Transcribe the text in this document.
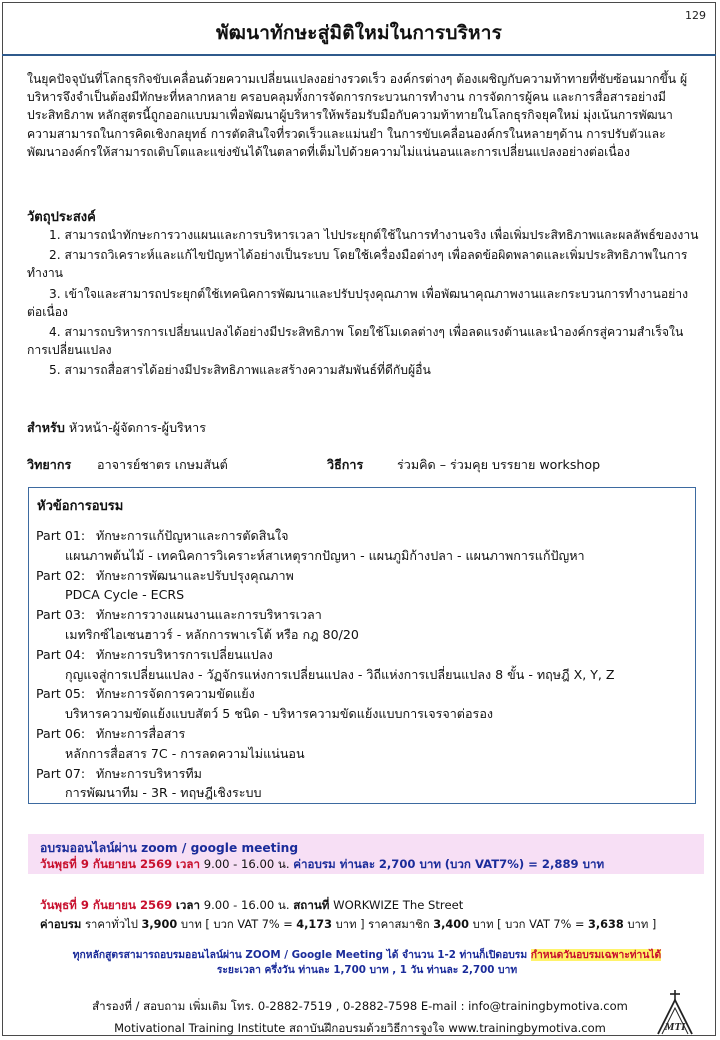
พัฒนาทักษะสู่มิติใหม่ในการบริหาร
129
ในยุคปัจจุบันที่โลกธุรกิจขับเคลื่อนด้วยความเปลี่ยนแปลงอย่างรวดเร็ว องค์กรต่างๆ ต้องเผชิญกับความท้าทายที่ซับซ้อนมากขึ้น ผู้บริหารจึงจำเป็นต้องมีทักษะที่หลากหลาย ครอบคลุมทั้งการจัดการกระบวนการทำงาน การจัดการผู้คน และการสื่อสารอย่างมีประสิทธิภาพ หลักสูตรนี้ถูกออกแบบมาเพื่อพัฒนาผู้บริหารให้พร้อมรับมือกับความท้าทายในโลกธุรกิจยุคใหม่ มุ่งเน้นการพัฒนาความสามารถในการคิดเชิงกลยุทธ์ การตัดสินใจที่รวดเร็วและแม่นยำ ในการขับเคลื่อนองค์กรในหลายๆด้าน การปรับตัวและพัฒนาองค์กรให้สามารถเติบโตและแข่งขันได้ในตลาดที่เต็มไปด้วยความไม่แน่นอนและการเปลี่ยนแปลงอย่างต่อเนื่อง
วัตถุประสงค์
1. สามารถนำทักษะการวางแผนและการบริหารเวลา ไปประยุกต์ใช้ในการทำงานจริง เพื่อเพิ่มประสิทธิภาพและผลลัพธ์ของงาน
2. สามารถวิเคราะห์และแก้ไขปัญหาได้อย่างเป็นระบบ โดยใช้เครื่องมือต่างๆ เพื่อลดข้อผิดพลาดและเพิ่มประสิทธิภาพในการทำงาน
3. เข้าใจและสามารถประยุกต์ใช้เทคนิคการพัฒนาและปรับปรุงคุณภาพ เพื่อพัฒนาคุณภาพงานและกระบวนการทำงานอย่างต่อเนื่อง
4. สามารถบริหารการเปลี่ยนแปลงได้อย่างมีประสิทธิภาพ โดยใช้โมเดลต่างๆ เพื่อลดแรงต้านและนำองค์กรสู่ความสำเร็จในการเปลี่ยนแปลง
5. สามารถสื่อสารได้อย่างมีประสิทธิภาพและสร้างความสัมพันธ์ที่ดีกับผู้อื่น
สำหรับ หัวหน้า-ผู้จัดการ-ผู้บริหาร
วิทยากร อาจารย์ชาตร เกษมสันต์	วิธีการ	ร่วมคิด – ร่วมคุย บรรยาย workshop
หัวข้อการอบรม
Part 01: ทักษะการแก้ปัญหาและการตัดสินใจ
แผนภาพต้นไม้ - เทคนิคการวิเคราะห์สาเหตุรากปัญหา - แผนภูมิก้างปลา - แผนภาพการแก้ปัญหา
Part 02: ทักษะการพัฒนาและปรับปรุงคุณภาพ
PDCA Cycle - ECRS
Part 03: ทักษะการวางแผนงานและการบริหารเวลา
เมทริกซ์ไอเซนฮาวร์ - หลักการพาเรโต้ หรือ กฎ 80/20
Part 04: ทักษะการบริหารการเปลี่ยนแปลง
กุญแจสู่การเปลี่ยนแปลง - วัฏจักรแห่งการเปลี่ยนแปลง - วิถีแห่งการเปลี่ยนแปลง 8 ขั้น - ทฤษฎี X, Y, Z
Part 05: ทักษะการจัดการความขัดแย้ง
บริหารความขัดแย้งแบบสัตว์ 5 ชนิด - บริหารความขัดแย้งแบบการเจรจาต่อรอง
Part 06: ทักษะการสื่อสาร
หลักการสื่อสาร 7C - การลดความไม่แน่นอน
Part 07: ทักษะการบริหารทีม
การพัฒนาทีม - 3R - ทฤษฎีเชิงระบบ
อบรมออนไลน์ผ่าน zoom / google meeting
วันพุธที่ 9 กันยายน 2569 เวลา 9.00 - 16.00 น. ค่าอบรม ท่านละ 2,700 บาท (บวก VAT7%) = 2,889 บาท
วันพุธที่ 9 กันยายน 2569 เวลา 9.00 - 16.00 น. สถานที่ WORKWIZE The Street
ค่าอบรม ราคาทั่วไป 3,900 บาท [ บวก VAT 7% = 4,173 บาท ] ราคาสมาชิก 3,400 บาท [ บวก VAT 7% = 3,638 บาท ]
ทุกหลักสูตรสามารถอบรมออนไลน์ผ่าน ZOOM / Google Meeting ได้ จำนวน 1-2 ท่านก็เปิดอบรม กำหนดวันอบรมเฉพาะท่านได้
ระยะเวลา ครึ่งวัน ท่านละ 1,700 บาท , 1 วัน ท่านละ 2,700 บาท
สำรองที่ / สอบถาม เพิ่มเติม โทร. 0-2882-7519 , 0-2882-7598 E-mail : info@trainingbymotiva.com
Motivational Training Institute สถาบันฝึกอบรมด้วยวิธีการจูงใจ www.trainingbymotiva.com	MTI
